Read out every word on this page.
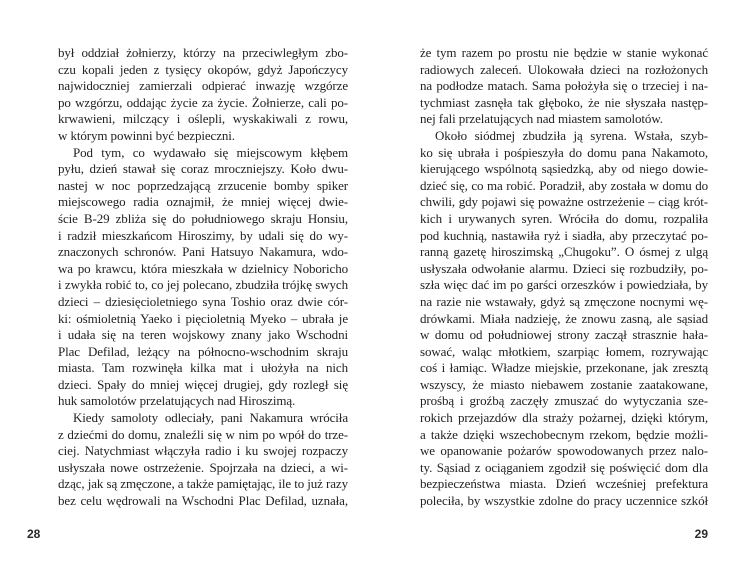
był oddział żołnierzy, którzy na przeciwległym zbo-
czu kopali jeden z tysięcy okopów, gdyż Japończycy
najwidoczniej zamierzali odpierać inwazję wzgórze
po wzgórzu, oddając życie za życie. Żołnierze, cali po-
krwawieni, milczący i oślepli, wyskakiwali z rowu,
w którym powinni być bezpieczni.
Pod tym, co wydawało się miejscowym kłębem
pyłu, dzień stawał się coraz mroczniejszy. Koło dwu-
nastej w noc poprzedzającą zrzucenie bomby spiker
miejscowego radia oznajmił, że mniej więcej dwie-
ście B-29 zbliża się do południowego skraju Honsiu,
i radził mieszkańcom Hiroszimy, by udali się do wy-
znaczonych schronów. Pani Hatsuyo Nakamura, wdo-
wa po krawcu, która mieszkała w dzielnicy Noboricho
i zwykła robić to, co jej polecano, zbudziła trójkę swych
dzieci – dziesięcioletniego syna Toshio oraz dwie cór-
ki: ośmioletnią Yaeko i pięcioletnią Myeko – ubrała je
i udała się na teren wojskowy znany jako Wschodni
Plac Defilad, leżący na północno-wschodnim skraju
miasta. Tam rozwinęła kilka mat i ułożyła na nich
dzieci. Spały do mniej więcej drugiej, gdy rozległ się
huk samolotów przelatujących nad Hiroszimą.
Kiedy samoloty odleciały, pani Nakamura wróciła
z dziećmi do domu, znaleźli się w nim po wpół do trze-
ciej. Natychmiast włączyła radio i ku swojej rozpaczy
usłyszała nowe ostrzeżenie. Spojrzała na dzieci, a wi-
dząc, jak są zmęczone, a także pamiętając, ile to już razy
bez celu wędrowali na Wschodni Plac Defilad, uznała,
28
że tym razem po prostu nie będzie w stanie wykonać
radiowych zaleceń. Ulokowała dzieci na rozłożonych
na podłodze matach. Sama położyła się o trzeciej i na-
tychmiast zasnęła tak głęboko, że nie słyszała następ-
nej fali przelatujących nad miastem samolotów.
Około siódmej zbudziła ją syrena. Wstała, szyb-
ko się ubrała i pośpieszyła do domu pana Nakamoto,
kierującego wspólnotą sąsiedzką, aby od niego dowie-
dzieć się, co ma robić. Poradził, aby została w domu do
chwili, gdy pojawi się poważne ostrzeżenie – ciąg krót-
kich i urywanych syren. Wróciła do domu, rozpaliła
pod kuchnią, nastawiła ryż i siadła, aby przeczytać po-
ranną gazetę hiroszimską „Chugoku”. O ósmej z ulgą
usłyszała odwołanie alarmu. Dzieci się rozbudziły, po-
szła więc dać im po garści orzeszków i powiedziała, by
na razie nie wstawały, gdyż są zmęczone nocnymi wę-
drówkami. Miała nadzieję, że znowu zasną, ale sąsiad
w domu od południowej strony zaczął strasznie hała-
sować, waląc młotkiem, szarpiąc łomem, rozrywając
coś i łamiąc. Władze miejskie, przekonane, jak zresztą
wszyscy, że miasto niebawem zostanie zaatakowane,
prośbą i groźbą zaczęły zmuszać do wytyczania sze-
rokich przejazdów dla straży pożarnej, dzięki którym,
a także dzięki wszechobecnym rzekom, będzie możli-
we opanowanie pożarów spowodowanych przez nalo-
ty. Sąsiad z ociąganiem zgodził się poświęcić dom dla
bezpieczeństwa miasta. Dzień wcześniej prefektura
poleciła, by wszystkie zdolne do pracy uczennice szkół
29
